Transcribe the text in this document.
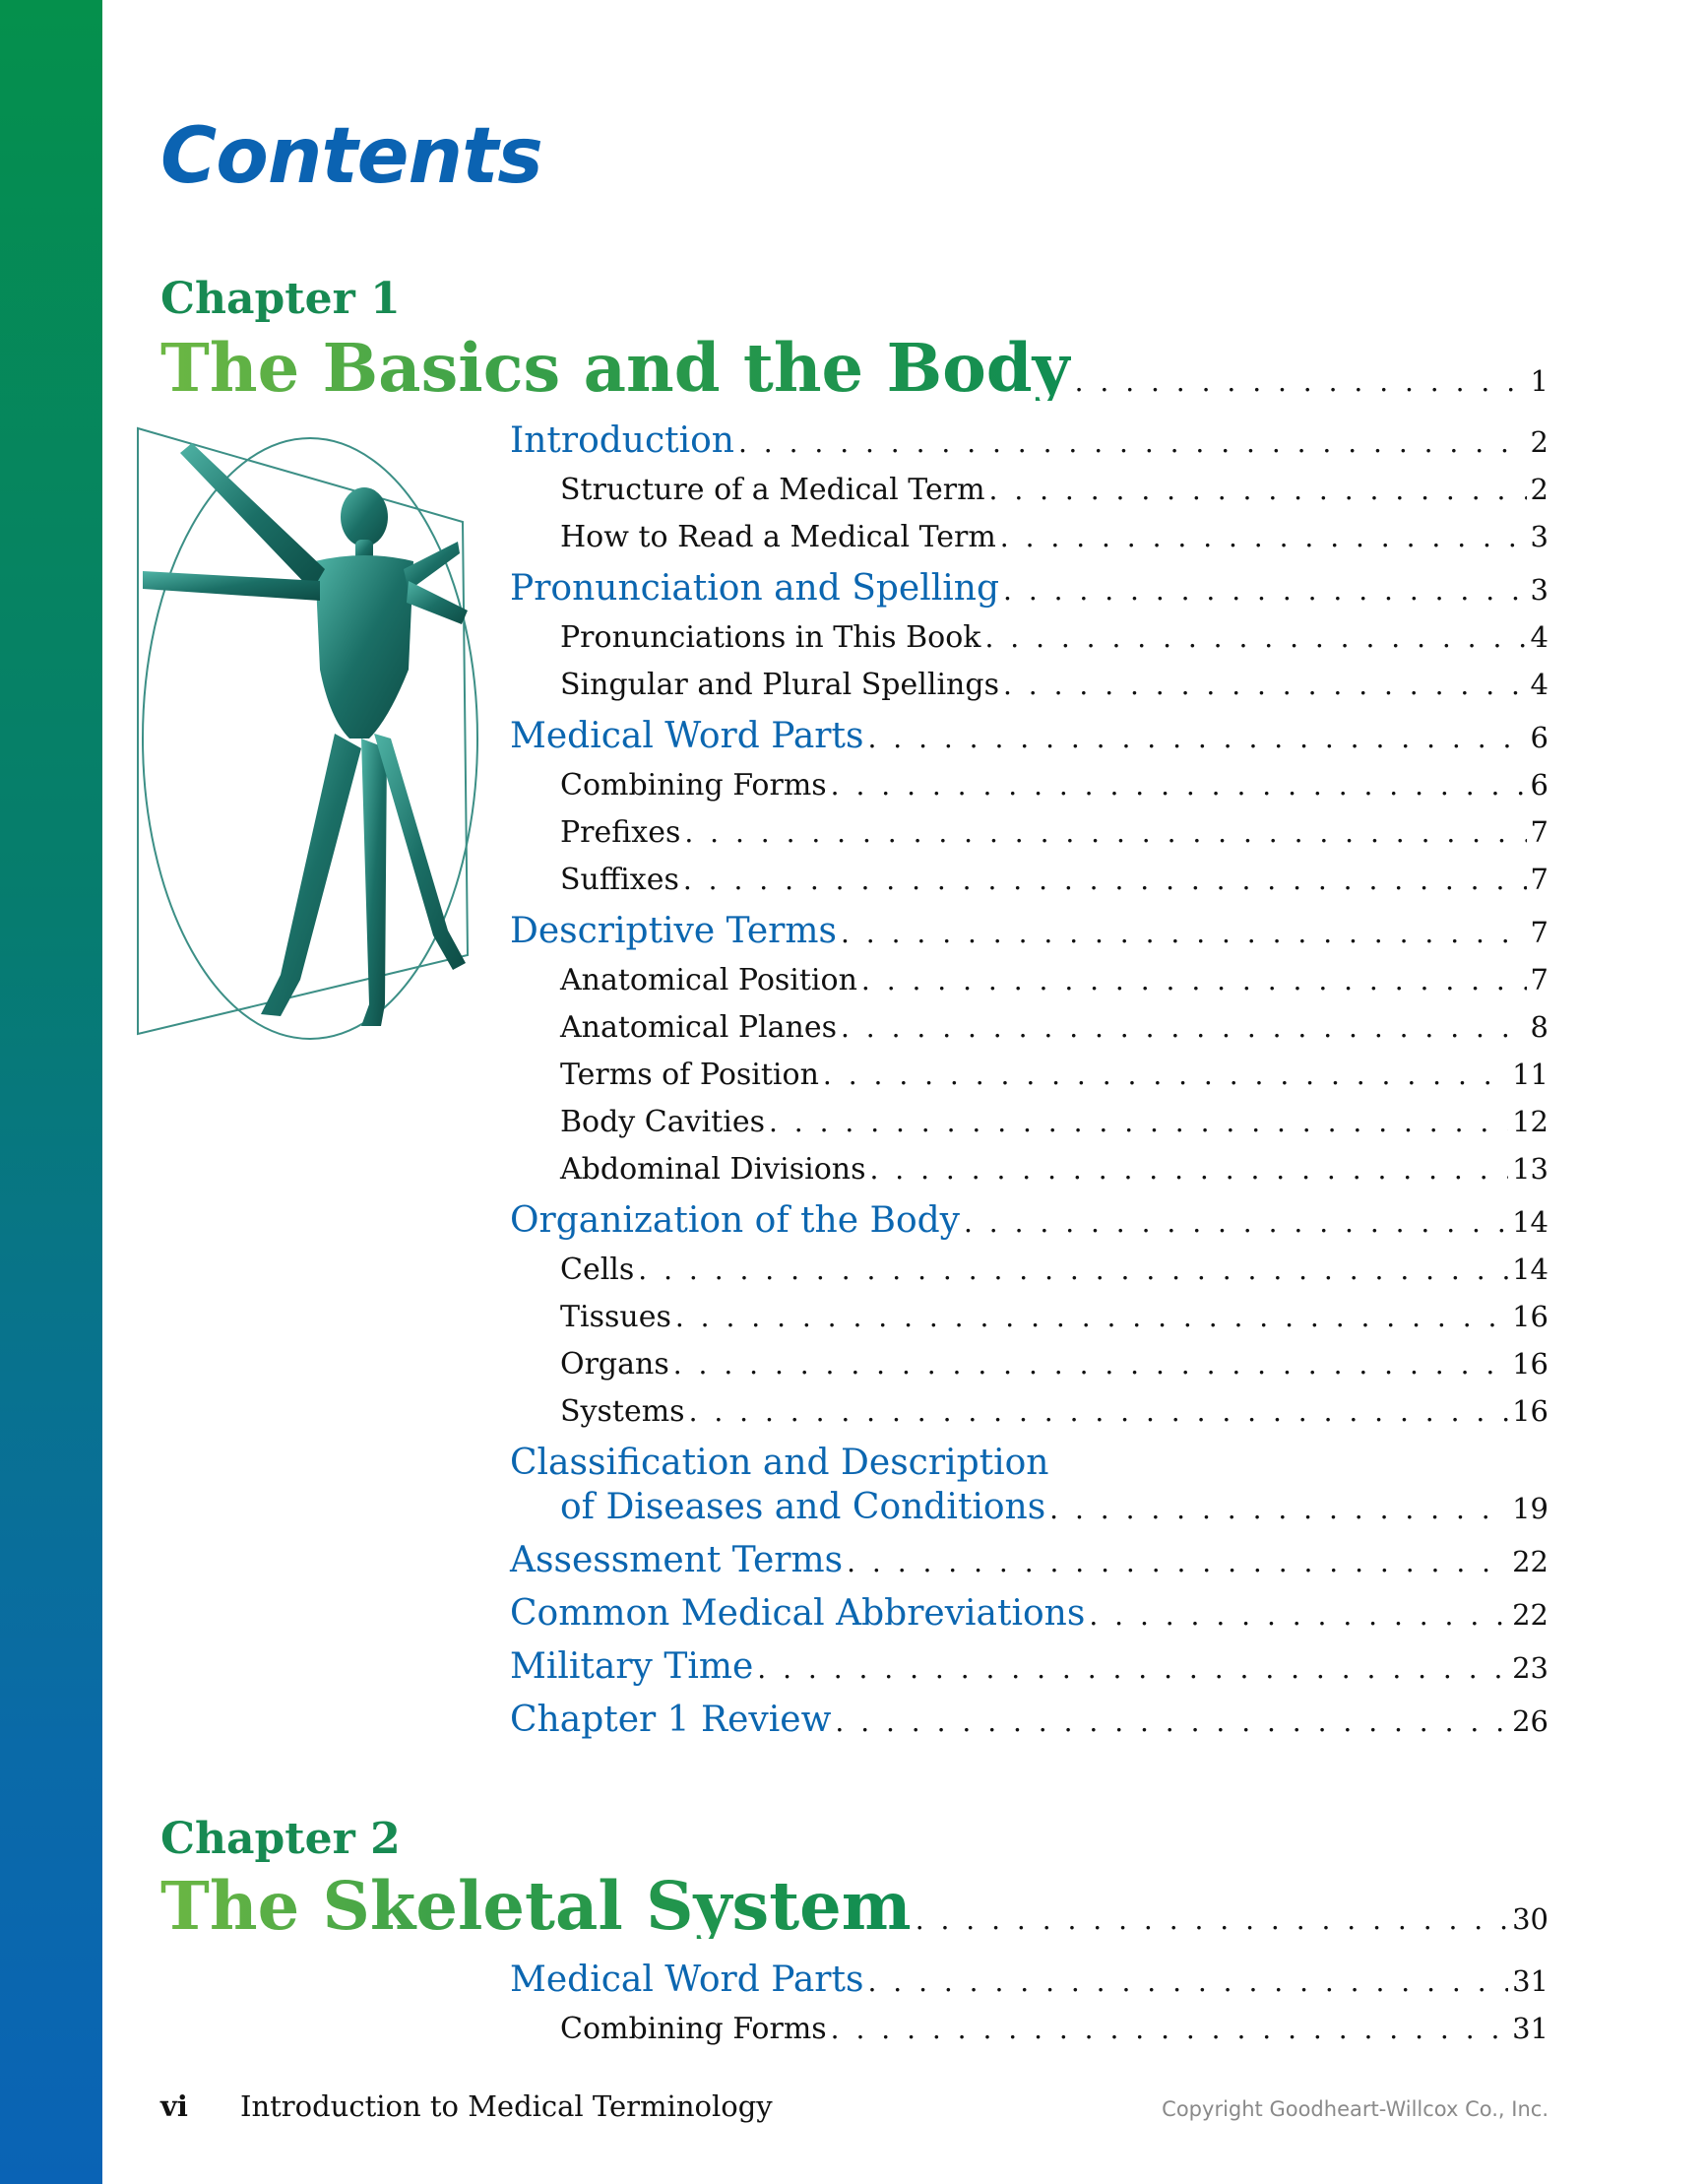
Contents
Chapter 1
The Basics and the Body . . .	1
Introduction . . .	2
Structure of a Medical Term . . .	2
How to Read a Medical Term . . .	3
Pronunciation and Spelling . . .	3
Pronunciations in This Book . . .	4
Singular and Plural Spellings . . .	4
Medical Word Parts . . .	6
Combining Forms . . .	6
Prefixes . . .	7
Suffixes . . .	7
Descriptive Terms . . .	7
Anatomical Position . . .	7
Anatomical Planes . . .	8
Terms of Position . . .	11
Body Cavities . . .	12
Abdominal Divisions . . .	13
Organization of the Body . . .	14
Cells . . .	14
Tissues . . .	16
Organs . . .	16
Systems . . .	16
Classification and Description
of Diseases and Conditions . . .	19
Assessment Terms . . .	22
Common Medical Abbreviations . . .	22
Military Time . . .	23
Chapter 1 Review . . .	26
Chapter 2
The Skeletal System . . .	30
Medical Word Parts . . .	31
Combining Forms . . .	31
vi	Introduction to Medical Terminology	Copyright Goodheart-Willcox Co., Inc.
